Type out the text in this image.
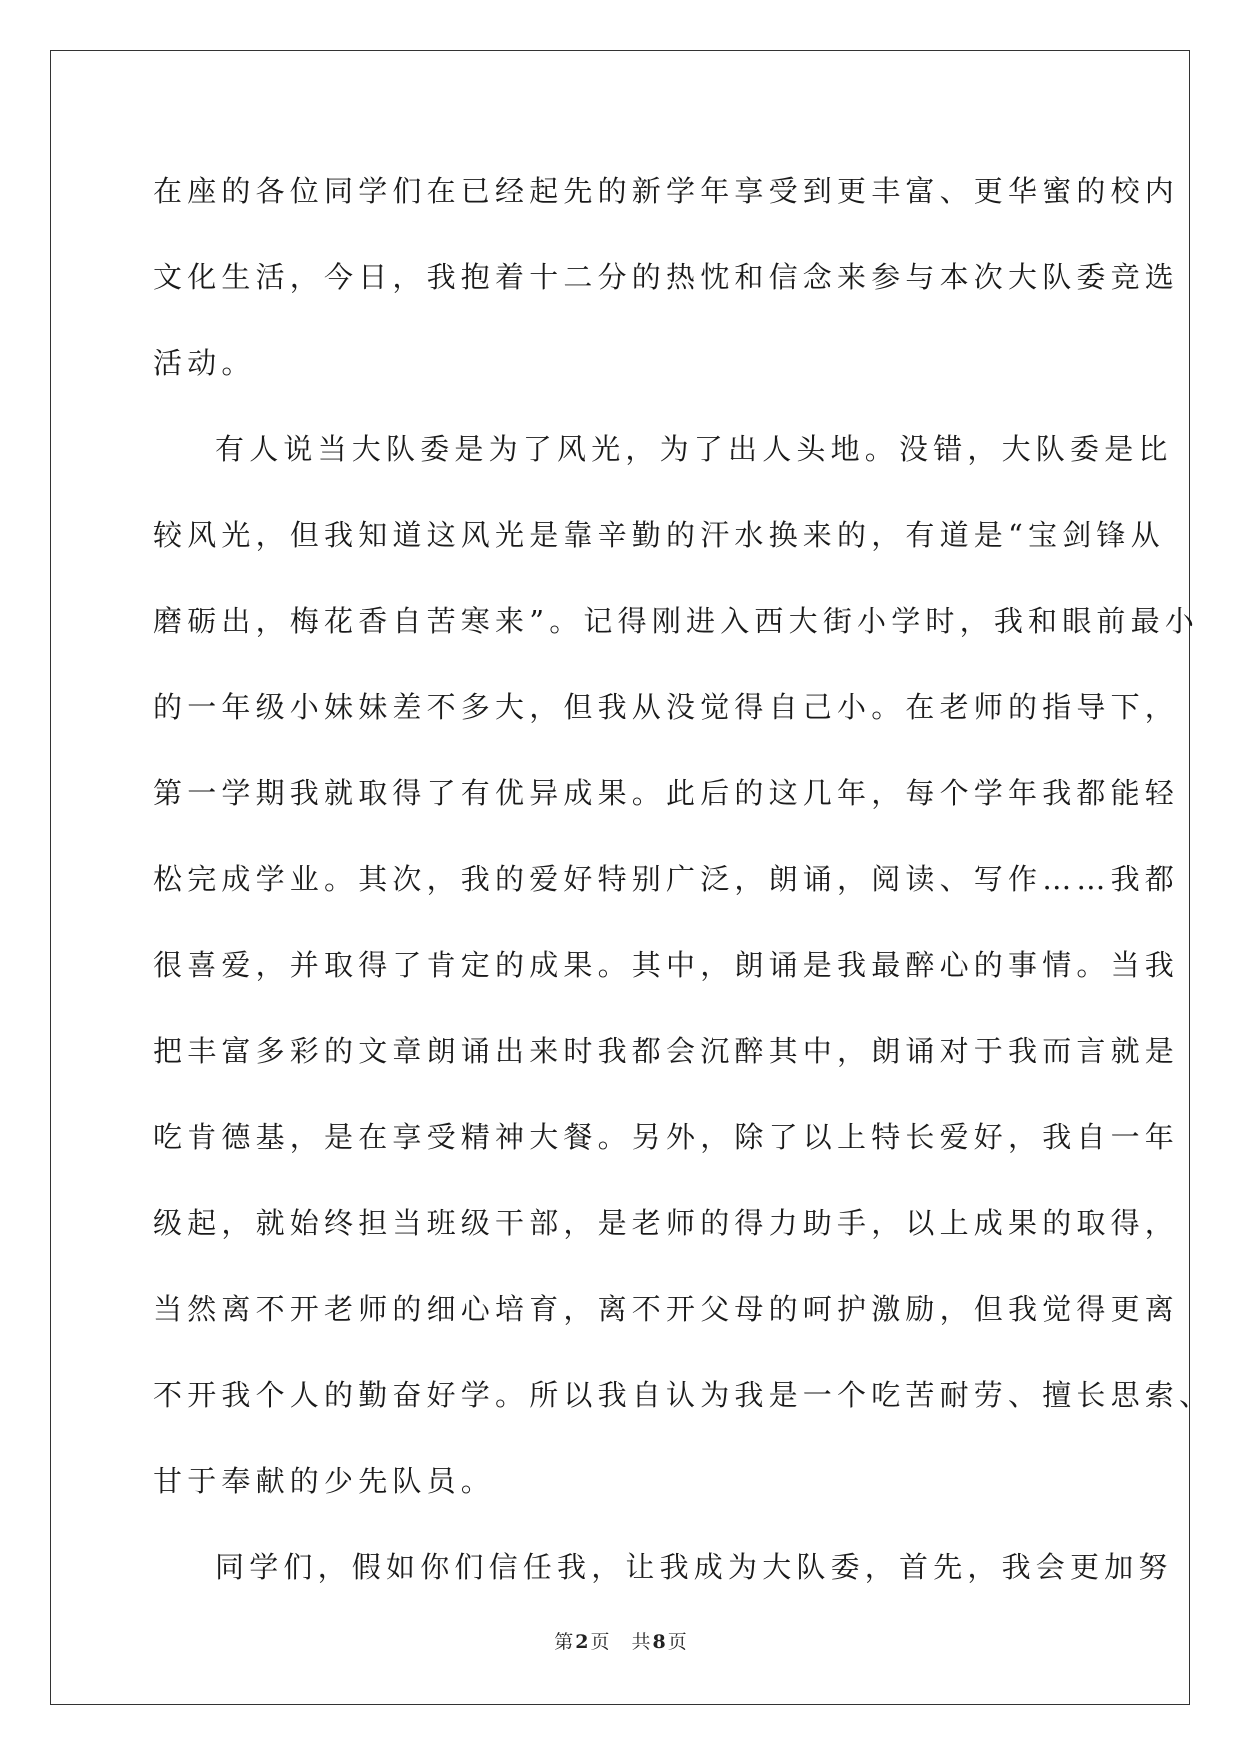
在座的各位同学们在已经起先的新学年享受到更丰富、更华蜜的校内
文化生活，今日，我抱着十二分的热忱和信念来参与本次大队委竞选
活动。
有人说当大队委是为了风光，为了出人头地。没错，大队委是比
较风光，但我知道这风光是靠辛勤的汗水换来的，有道是“宝剑锋从
磨砺出，梅花香自苦寒来”。记得刚进入西大街小学时，我和眼前最小
的一年级小妹妹差不多大，但我从没觉得自己小。在老师的指导下，
第一学期我就取得了有优异成果。此后的这几年，每个学年我都能轻
松完成学业。其次，我的爱好特别广泛，朗诵，阅读、写作……我都
很喜爱，并取得了肯定的成果。其中，朗诵是我最醉心的事情。当我
把丰富多彩的文章朗诵出来时我都会沉醉其中，朗诵对于我而言就是
吃肯德基，是在享受精神大餐。另外，除了以上特长爱好，我自一年
级起，就始终担当班级干部，是老师的得力助手，以上成果的取得，
当然离不开老师的细心培育，离不开父母的呵护激励，但我觉得更离
不开我个人的勤奋好学。所以我自认为我是一个吃苦耐劳、擅长思索、
甘于奉献的少先队员。
同学们，假如你们信任我，让我成为大队委，首先，我会更加努
第 2 页 共 8 页
